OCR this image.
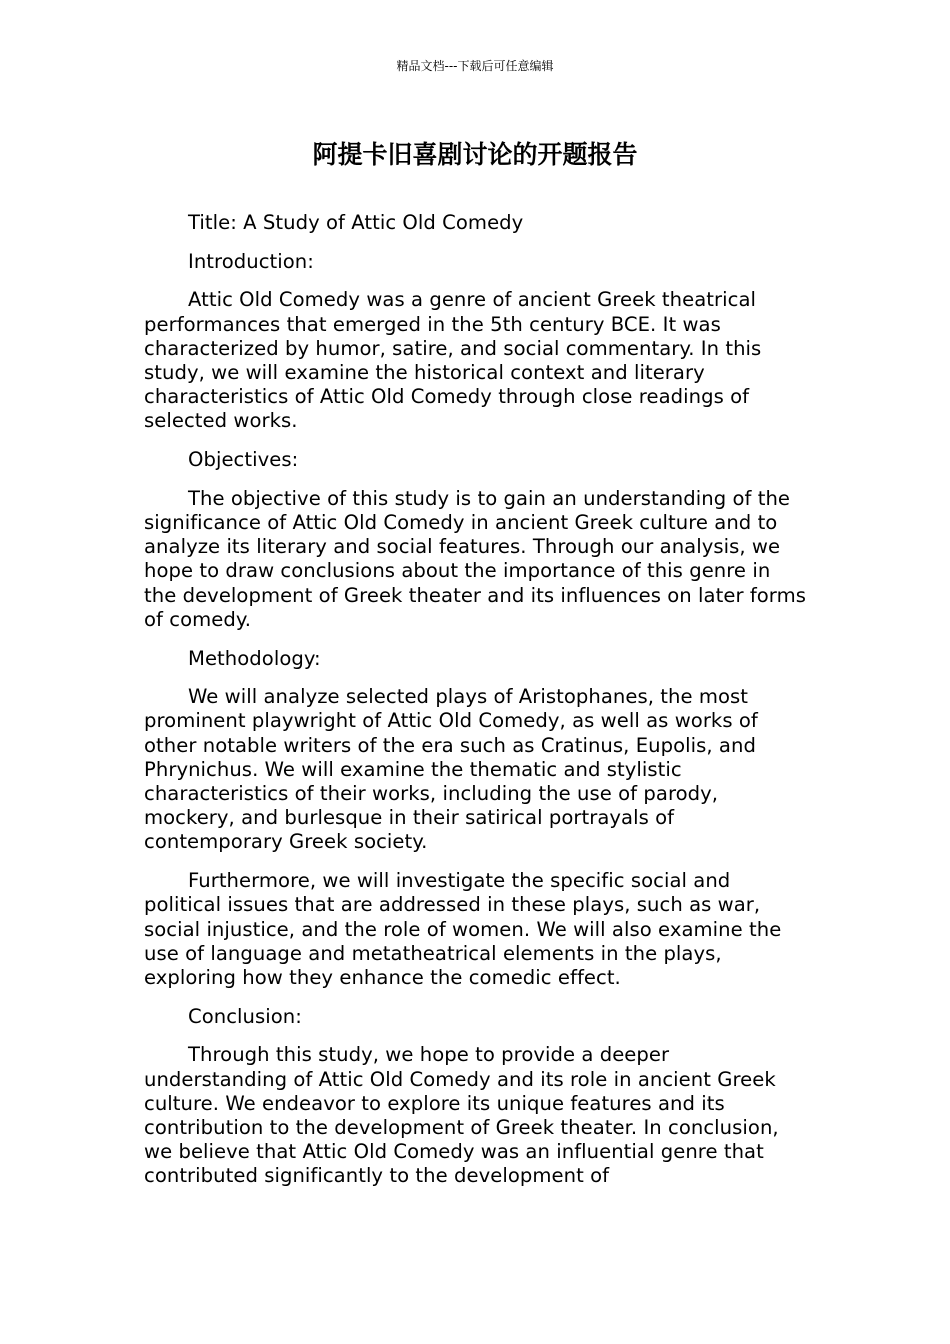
精品文档---下载后可任意编辑
阿提卡旧喜剧讨论的开题报告

Title: A Study of Attic Old Comedy

Introduction:

Attic Old Comedy was a genre of ancient Greek theatrical performances that emerged in the 5th century BCE. It was characterized by humor, satire, and social commentary. In this study, we will examine the historical context and literary characteristics of Attic Old Comedy through close readings of selected works.

Objectives:

The objective of this study is to gain an understanding of the significance of Attic Old Comedy in ancient Greek culture and to analyze its literary and social features. Through our analysis, we hope to draw conclusions about the importance of this genre in the development of Greek theater and its influences on later forms of comedy.

Methodology:

We will analyze selected plays of Aristophanes, the most prominent playwright of Attic Old Comedy, as well as works of other notable writers of the era such as Cratinus, Eupolis, and Phrynichus. We will examine the thematic and stylistic characteristics of their works, including the use of parody, mockery, and burlesque in their satirical portrayals of contemporary Greek society.

Furthermore, we will investigate the specific social and political issues that are addressed in these plays, such as war, social injustice, and the role of women. We will also examine the use of language and metatheatrical elements in the plays, exploring how they enhance the comedic effect.

Conclusion:

Through this study, we hope to provide a deeper understanding of Attic Old Comedy and its role in ancient Greek culture. We endeavor to explore its unique features and its contribution to the development of Greek theater. In conclusion, we believe that Attic Old Comedy was an influential genre that contributed significantly to the development of
